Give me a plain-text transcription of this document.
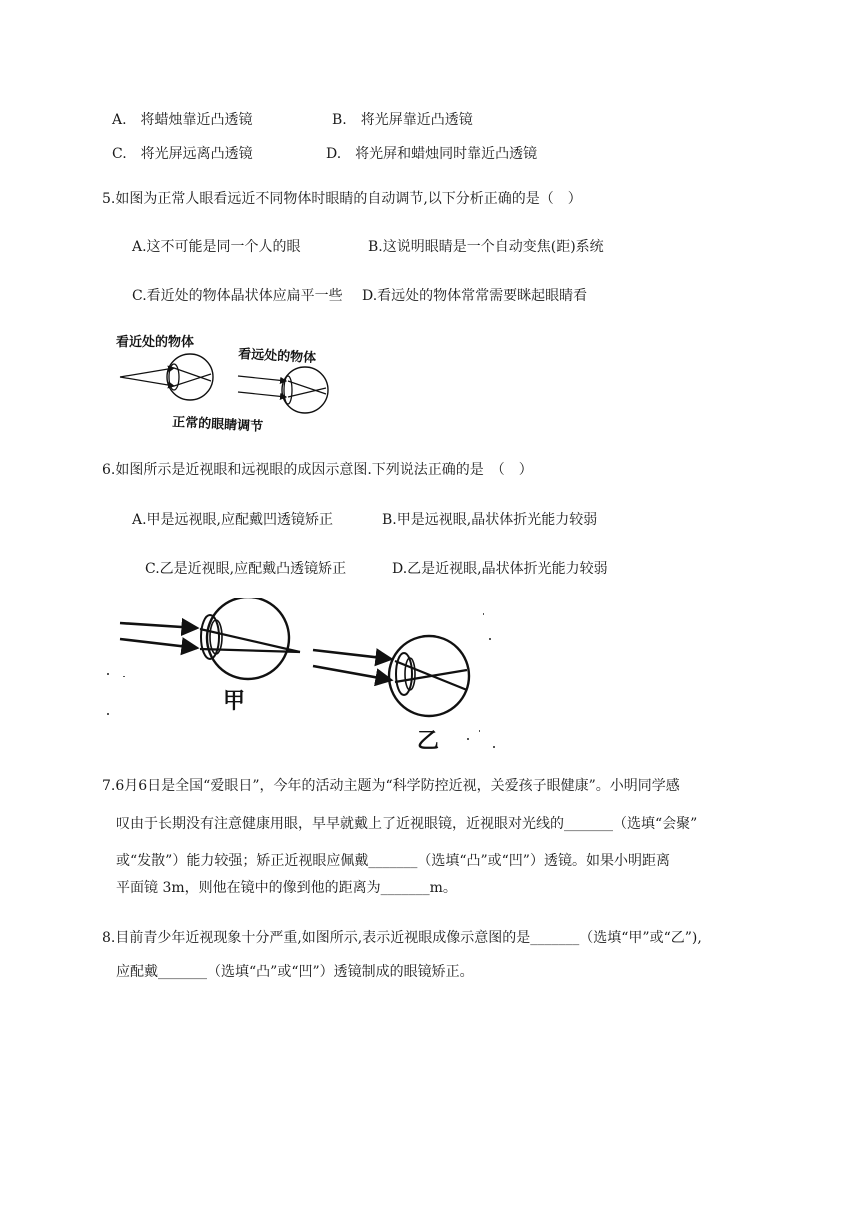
A.　将蜡烛靠近凸透镜	B.　将光屏靠近凸透镜
C.　将光屏远离凸透镜	D.　将光屏和蜡烛同时靠近凸透镜
5.如图为正常人眼看远近不同物体时眼睛的自动调节,以下分析正确的是（　）
A.这不可能是同一个人的眼	B.这说明眼睛是一个自动变焦(距)系统
C.看近处的物体晶状体应扁平一些 D.看远处的物体常常需要眯起眼睛看
看近处的物体
看远处的物体
正常的眼睛调节
6.如图所示是近视眼和远视眼的成因示意图.下列说法正确的是　（　）
A.甲是远视眼,应配戴凹透镜矫正	B.甲是远视眼,晶状体折光能力较弱
C.乙是近视眼,应配戴凸透镜矫正	D.乙是近视眼,晶状体折光能力较弱
甲
乙
7.6月6日是全国“爱眼日”，今年的活动主题为“科学防控近视，关爱孩子眼健康”。小明同学感
叹由于长期没有注意健康用眼，早早就戴上了近视眼镜，近视眼对光线的_______（选填“会聚”
或“发散”）能力较强；矫正近视眼应佩戴_______（选填“凸”或“凹”）透镜。如果小明距离
平面镜 3m，则他在镜中的像到他的距离为_______m。
8.目前青少年近视现象十分严重,如图所示,表示近视眼成像示意图的是_______（选填“甲”或“乙”),
应配戴_______（选填“凸”或“凹”）透镜制成的眼镜矫正。
